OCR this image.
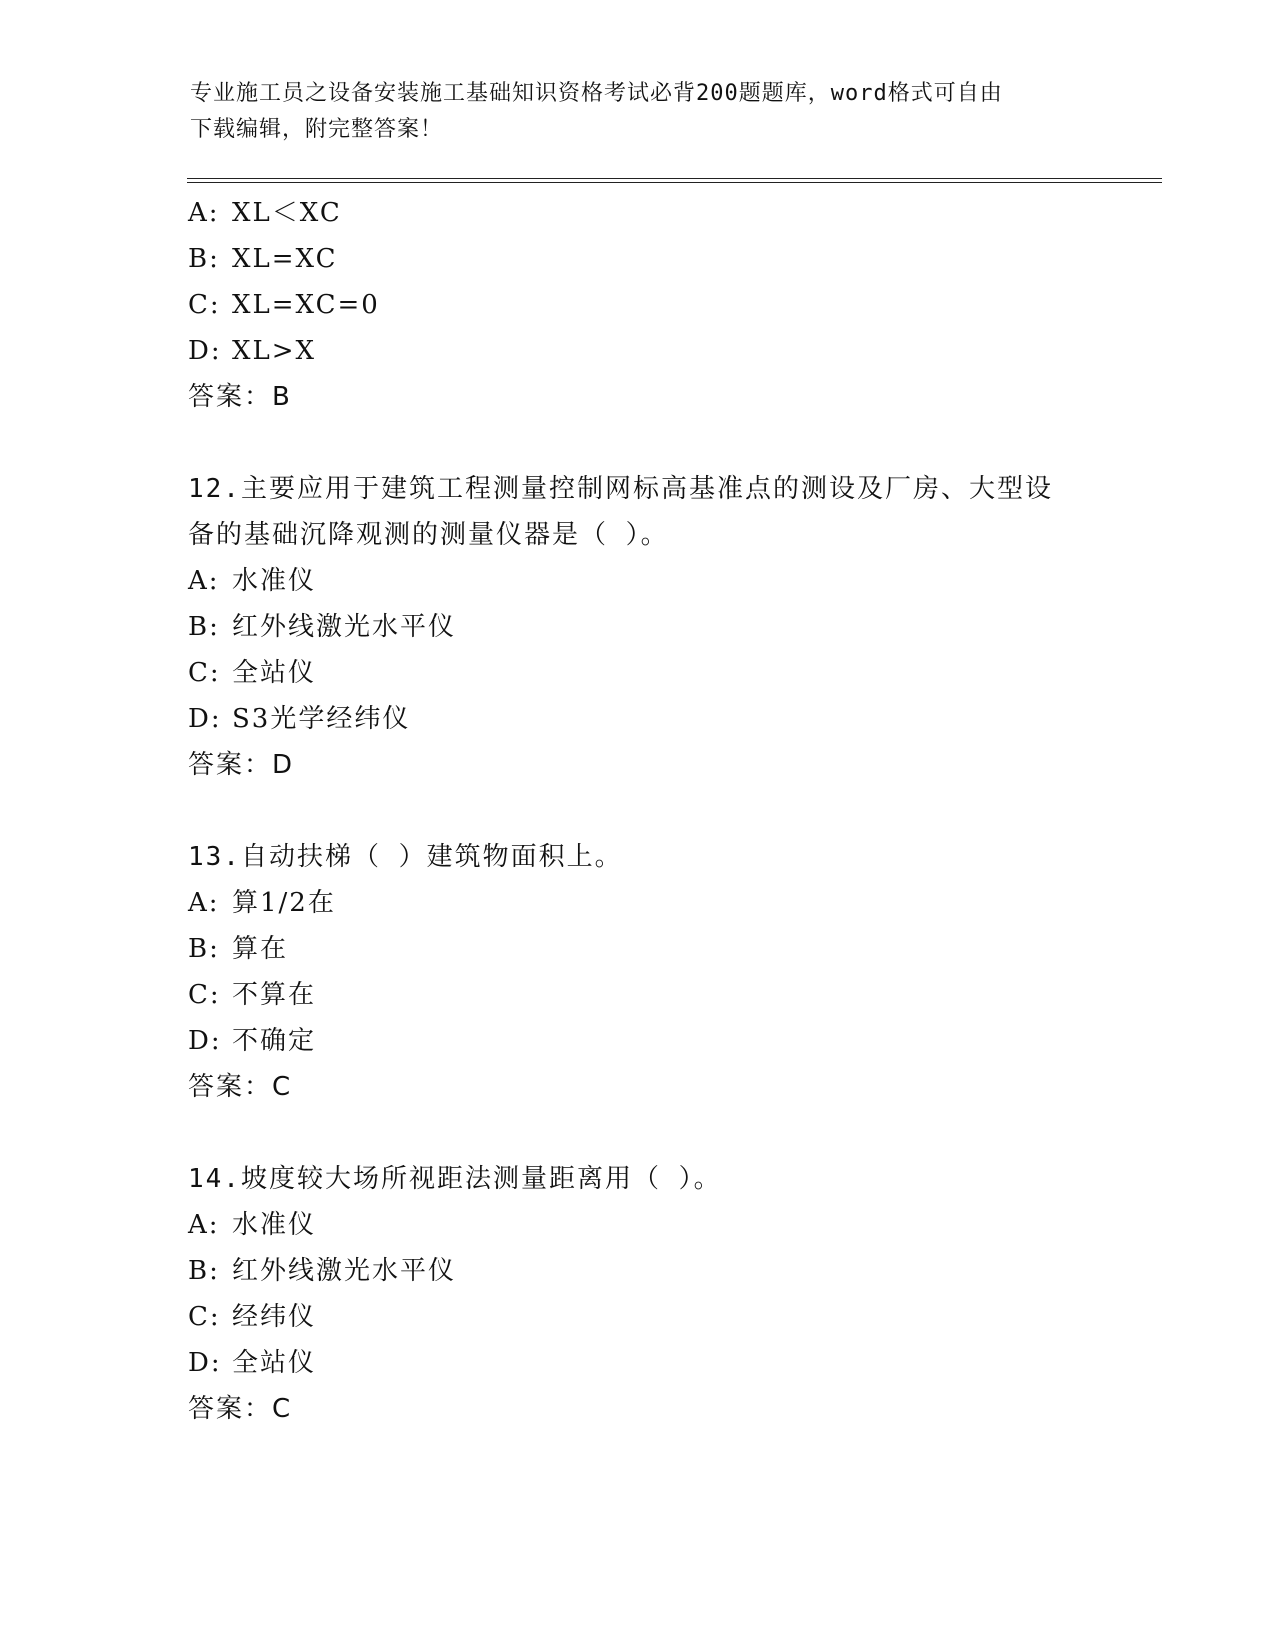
专业施工员之设备安装施工基础知识资格考试必背200题题库，word格式可自由
下载编辑，附完整答案！
A: XL＜XC
B: XL=XC
C: XL=XC=0
D: XL>X
答案：B
12.主要应用于建筑工程测量控制网标高基准点的测设及厂房、大型设
备的基础沉降观测的测量仪器是（ ）。
A: 水准仪
B: 红外线激光水平仪
C: 全站仪
D: S3光学经纬仪
答案：D
13.自动扶梯（ ）建筑物面积上。
A: 算1/2在
B: 算在
C: 不算在
D: 不确定
答案：C
14.坡度较大场所视距法测量距离用（ ）。
A: 水准仪
B: 红外线激光水平仪
C: 经纬仪
D: 全站仪
答案：C
